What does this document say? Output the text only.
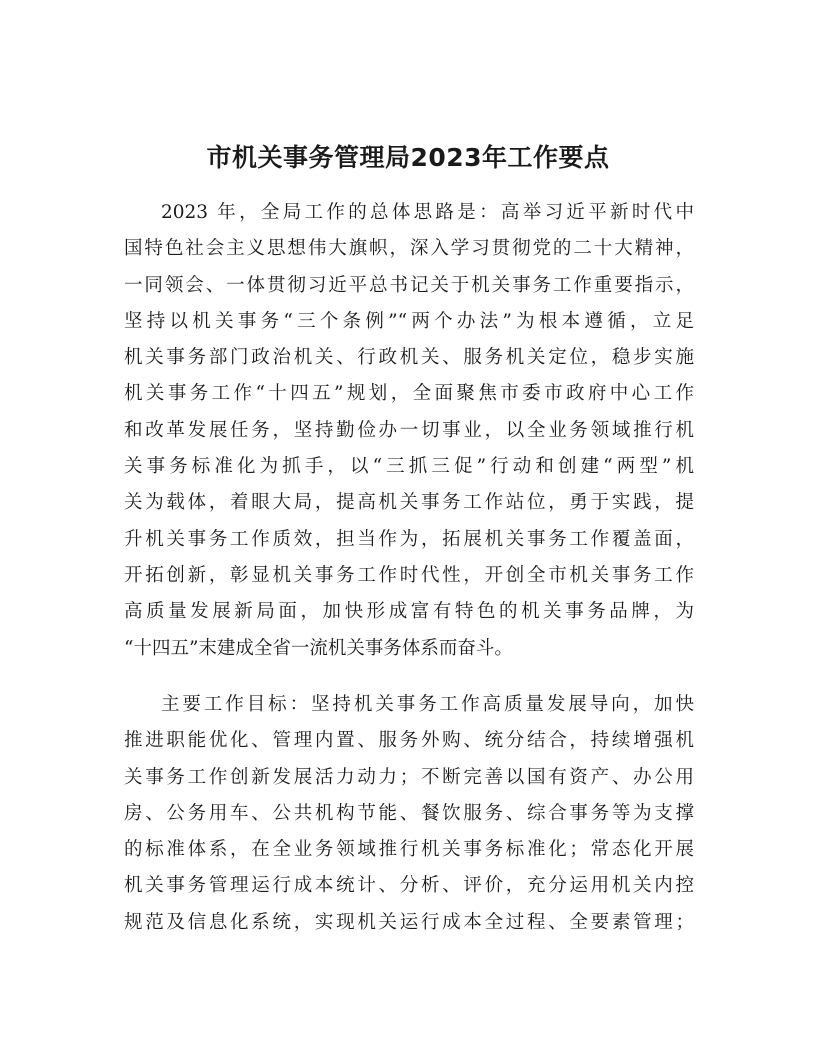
市机关事务管理局2023年工作要点
2023 年，全局工作的总体思路是：高举习近平新时代中
国特色社会主义思想伟大旗帜，深入学习贯彻党的二十大精神，
一同领会、一体贯彻习近平总书记关于机关事务工作重要指示，
坚持以机关事务“三个条例”“两个办法”为根本遵循，立足
机关事务部门政治机关、行政机关、服务机关定位，稳步实施
机关事务工作“十四五”规划，全面聚焦市委市政府中心工作
和改革发展任务，坚持勤俭办一切事业，以全业务领域推行机
关事务标准化为抓手，以“三抓三促”行动和创建“两型”机
关为载体，着眼大局，提高机关事务工作站位，勇于实践，提
升机关事务工作质效，担当作为，拓展机关事务工作覆盖面，
开拓创新，彰显机关事务工作时代性，开创全市机关事务工作
高质量发展新局面，加快形成富有特色的机关事务品牌，为
“十四五”末建成全省一流机关事务体系而奋斗。
主要工作目标：坚持机关事务工作高质量发展导向，加快
推进职能优化、管理内置、服务外购、统分结合，持续增强机
关事务工作创新发展活力动力；不断完善以国有资产、办公用
房、公务用车、公共机构节能、餐饮服务、综合事务等为支撑
的标准体系，在全业务领域推行机关事务标准化；常态化开展
机关事务管理运行成本统计、分析、评价，充分运用机关内控
规范及信息化系统，实现机关运行成本全过程、全要素管理；
